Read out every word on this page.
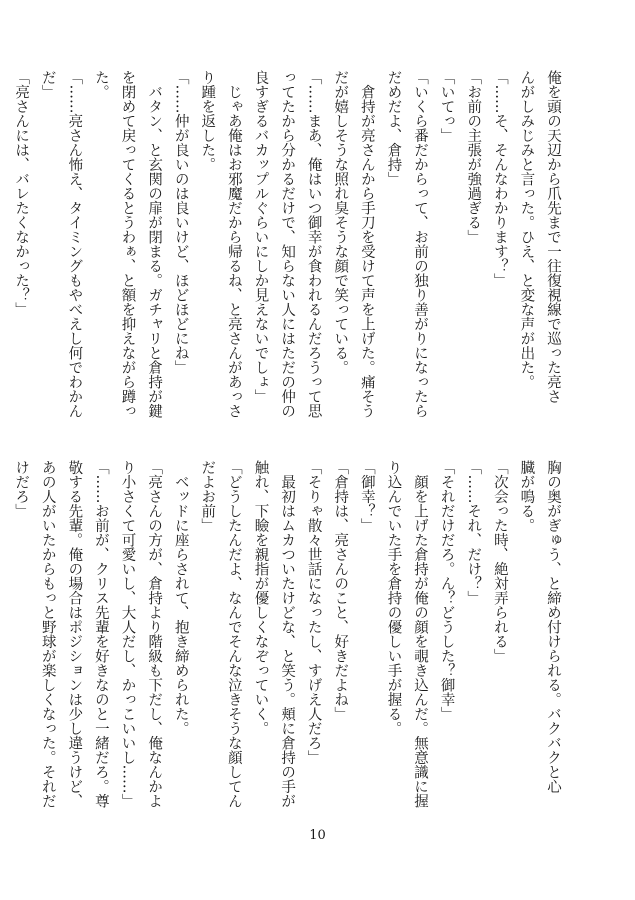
俺を頭の天辺から爪先まで一往復視線で巡った亮さ
んがしみじみと言った。ひえ、と変な声が出た。
「……そ、そんなわかります？」
「お前の主張が強過ぎる」
「いてっ」
「いくら番だからって、お前の独り善がりになったら
だめだよ、倉持」
　倉持が亮さんから手刀を受けて声を上げた。痛そう
だが嬉しそうな照れ臭そうな顔で笑っている。
「……まあ、俺はいつ御幸が食われるんだろうって思
ってたから分かるだけで、知らない人にはただの仲の
良すぎるバカップルぐらいにしか見えないでしょ」
　じゃあ俺はお邪魔だから帰るね、と亮さんがあっさ
り踵を返した。
「……仲が良いのは良いけど、ほどほどにね」
　バタン、と玄関の扉が閉まる。ガチャリと倉持が鍵
を閉めて戻ってくるとうわぁ、と額を抑えながら蹲っ
た。
「……亮さん怖え、タイミングもやべえし何でわかん
だ」
「亮さんには、バレたくなかった？」
胸の奥がぎゅう、と締め付けられる。バクバクと心
臓が鳴る。
「次会った時、絶対弄られる」
「……それ、だけ？」
「それだけだろ。ん？どうした？御幸」
　顔を上げた倉持が俺の顔を覗き込んだ。無意識に握
り込んでいた手を倉持の優しい手が握る。
「御幸？」
「倉持は、亮さんのこと、好きだよね」
「そりゃ散々世話になったし、すげえ人だろ」
　最初はムカついたけどな、と笑う。頬に倉持の手が
触れ、下瞼を親指が優しくなぞっていく。
「どうしたんだよ、なんでそんな泣きそうな顔してん
だよお前」
　ベッドに座らされて、抱き締められた。
「亮さんの方が、倉持より階級も下だし、俺なんかよ
り小さくて可愛いし、大人だし、かっこいいし……」
「……お前が、クリス先輩を好きなのと一緒だろ。尊
敬する先輩。俺の場合はポジションは少し違うけど、
あの人がいたからもっと野球が楽しくなった。それだ
けだろ」
10
